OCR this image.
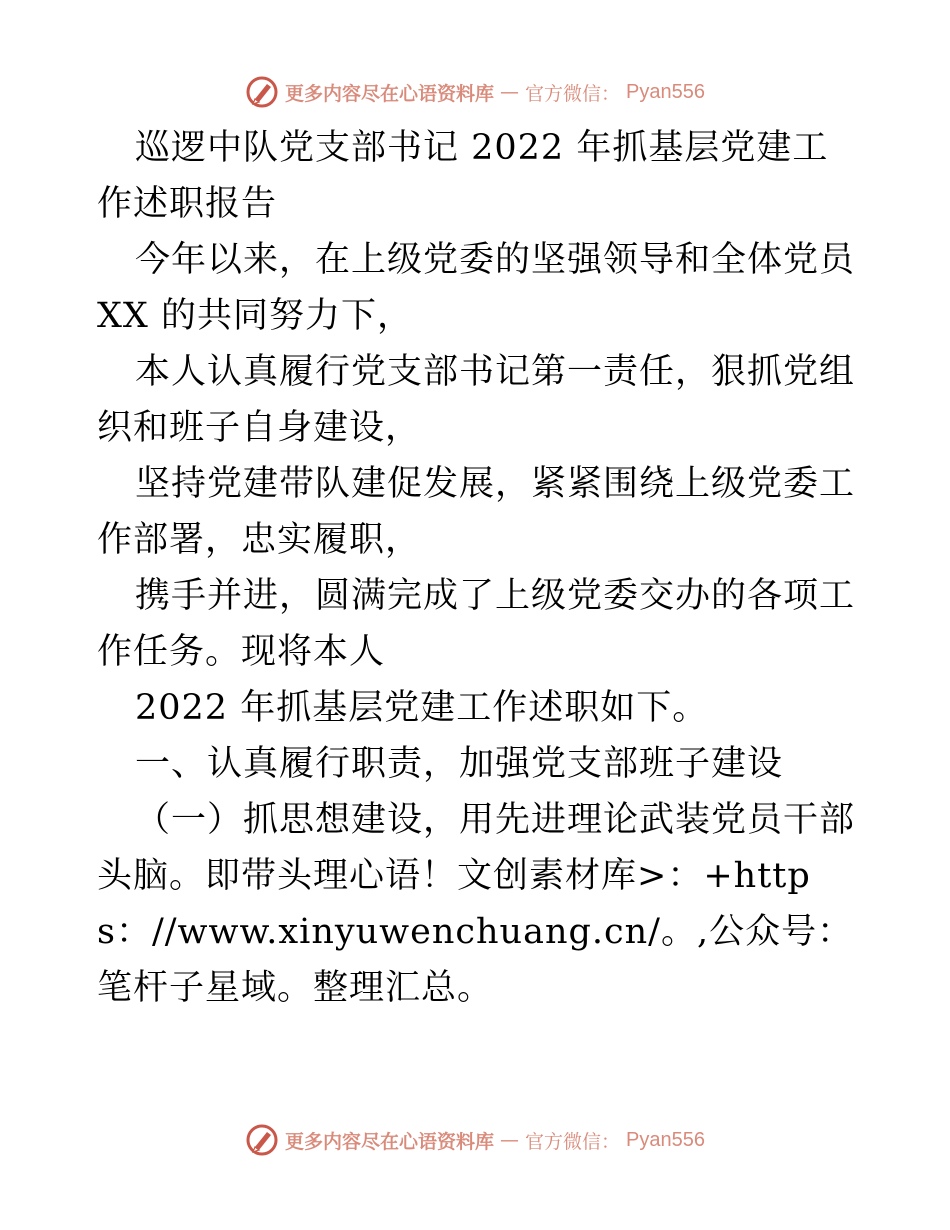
更多内容尽在心语资料库 — 官方微信： Pyan556

巡逻中队党支部书记 2022 年抓基层党建工作述职报告

今年以来，在上级党委的坚强领导和全体党员 XX 的共同努力下，

本人认真履行党支部书记第一责任，狠抓党组织和班子自身建设，

坚持党建带队建促发展，紧紧围绕上级党委工作部署，忠实履职，

携手并进，圆满完成了上级党委交办的各项工作任务。现将本人

2022 年抓基层党建工作述职如下。

一、认真履行职责，加强党支部班子建设

（一）抓思想建设，用先进理论武装党员干部头脑。即带头理心语！文创素材库>：+https：//www.xinyuwenchuang.cn/。,公众号：笔杆子星域。整理汇总。

更多内容尽在心语资料库 — 官方微信： Pyan556
